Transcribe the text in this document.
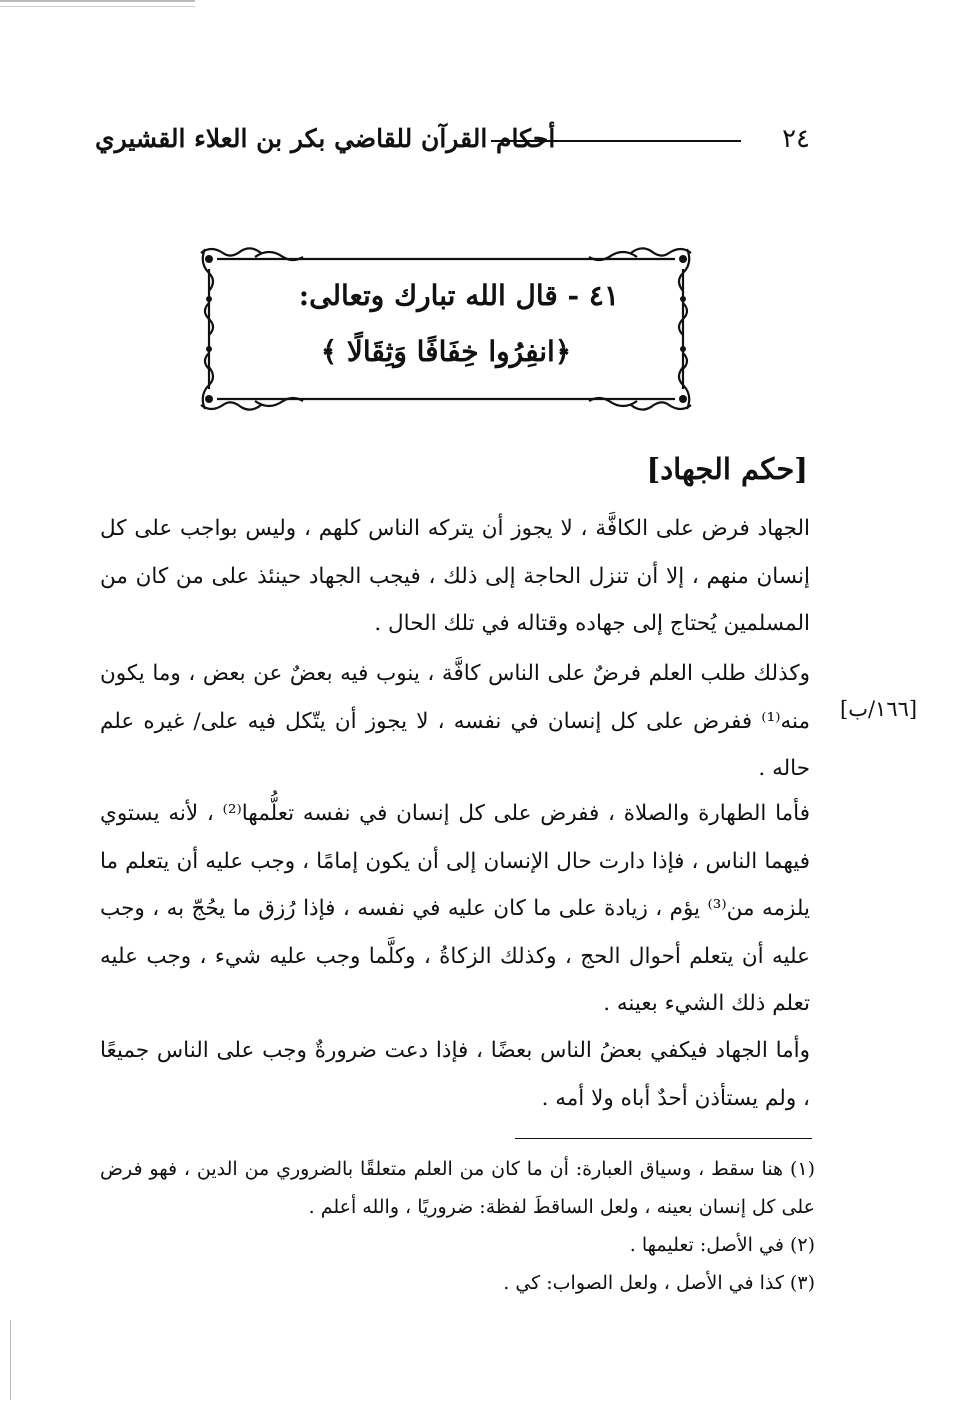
٢٤
أحكام القرآن للقاضي بكر بن العلاء القشيري
٤١ - قال الله تبارك وتعالى:
﴿انفِرُوا خِفَافًا وَثِقَالًا ﴾
[حكم الجهاد]
الجهاد فرض على الكافَّة ، لا يجوز أن يتركه الناس كلهم ، وليس بواجب على كل إنسان منهم ، إلا أن تنزل الحاجة إلى ذلك ، فيجب الجهاد حينئذ على من كان من المسلمين يُحتاج إلى جهاده وقتاله في تلك الحال .
وكذلك طلب العلم فرضٌ على الناس كافَّة ، ينوب فيه بعضٌ عن بعض ، وما يكون منه⁽¹⁾ ففرض على كل إنسان في نفسه ، لا يجوز أن يتّكل فيه على/ غيره علم حاله .
[١٦٦/ب]
فأما الطهارة والصلاة ، ففرض على كل إنسان في نفسه تعلُّمها⁽²⁾ ، لأنه يستوي فيهما الناس ، فإذا دارت حال الإنسان إلى أن يكون إمامًا ، وجب عليه أن يتعلم ما يلزمه من⁽³⁾ يؤم ، زيادة على ما كان عليه في نفسه ، فإذا رُزق ما يحُجّ به ، وجب عليه أن يتعلم أحوال الحج ، وكذلك الزكاةُ ، وكلَّما وجب عليه شيء ، وجب عليه تعلم ذلك الشيء بعينه .
وأما الجهاد فيكفي بعضُ الناس بعضًا ، فإذا دعت ضرورةٌ وجب على الناس جميعًا ، ولم يستأذن أحدٌ أباه ولا أمه .

(١) هنا سقط ، وسياق العبارة: أن ما كان من العلم متعلقًا بالضروري من الدين ، فهو فرض على كل إنسان بعينه ، ولعل الساقطَ لفظة: ضروريًا ، والله أعلم .

(٢) في الأصل: تعليمها .

(٣) كذا في الأصل ، ولعل الصواب: كي .
